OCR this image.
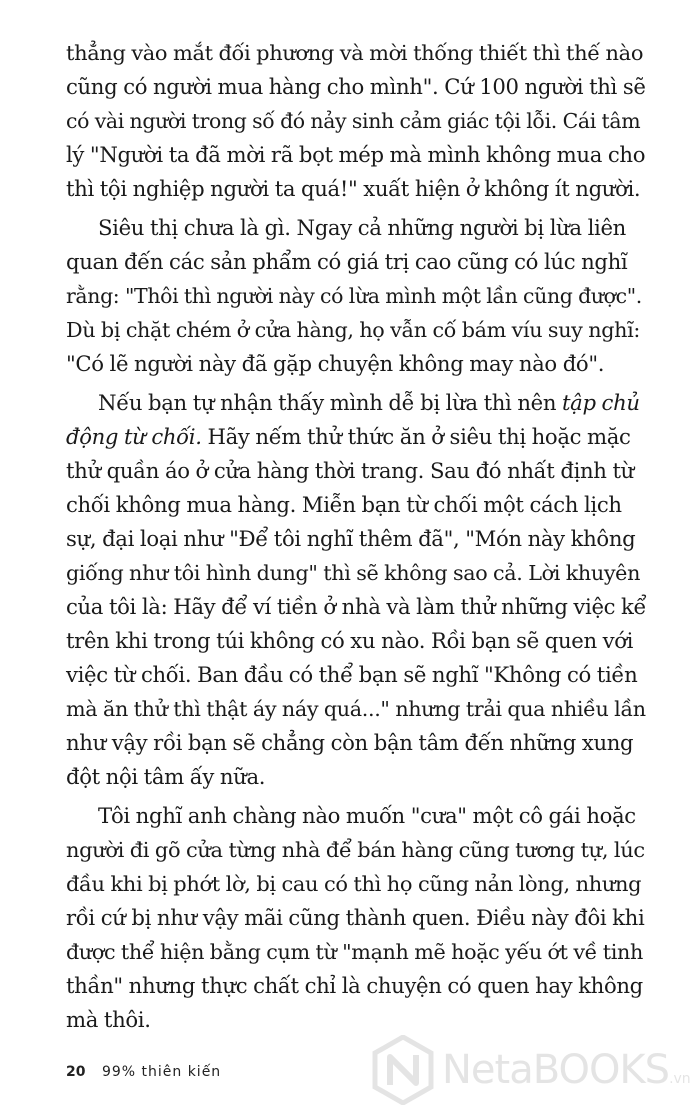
thẳng vào mắt đối phương và mời thống thiết thì thế nào
cũng có người mua hàng cho mình". Cứ 100 người thì sẽ
có vài người trong số đó nảy sinh cảm giác tội lỗi. Cái tâm
lý "Người ta đã mời rã bọt mép mà mình không mua cho
thì tội nghiệp người ta quá!" xuất hiện ở không ít người.

Siêu thị chưa là gì. Ngay cả những người bị lừa liên
quan đến các sản phẩm có giá trị cao cũng có lúc nghĩ
rằng: "Thôi thì người này có lừa mình một lần cũng được".
Dù bị chặt chém ở cửa hàng, họ vẫn cố bám víu suy nghĩ:
"Có lẽ người này đã gặp chuyện không may nào đó".

Nếu bạn tự nhận thấy mình dễ bị lừa thì nên tập chủ
động từ chối. Hãy nếm thử thức ăn ở siêu thị hoặc mặc
thử quần áo ở cửa hàng thời trang. Sau đó nhất định từ
chối không mua hàng. Miễn bạn từ chối một cách lịch
sự, đại loại như "Để tôi nghĩ thêm đã", "Món này không
giống như tôi hình dung" thì sẽ không sao cả. Lời khuyên
của tôi là: Hãy để ví tiền ở nhà và làm thử những việc kể
trên khi trong túi không có xu nào. Rồi bạn sẽ quen với
việc từ chối. Ban đầu có thể bạn sẽ nghĩ "Không có tiền
mà ăn thử thì thật áy náy quá..." nhưng trải qua nhiều lần
như vậy rồi bạn sẽ chẳng còn bận tâm đến những xung
đột nội tâm ấy nữa.

Tôi nghĩ anh chàng nào muốn "cưa" một cô gái hoặc
người đi gõ cửa từng nhà để bán hàng cũng tương tự, lúc
đầu khi bị phớt lờ, bị cau có thì họ cũng nản lòng, nhưng
rồi cứ bị như vậy mãi cũng thành quen. Điều này đôi khi
được thể hiện bằng cụm từ "mạnh mẽ hoặc yếu ớt về tinh
thần" nhưng thực chất chỉ là chuyện có quen hay không
mà thôi.

20 99% thiên kiến	NetaBOOKS.vn
